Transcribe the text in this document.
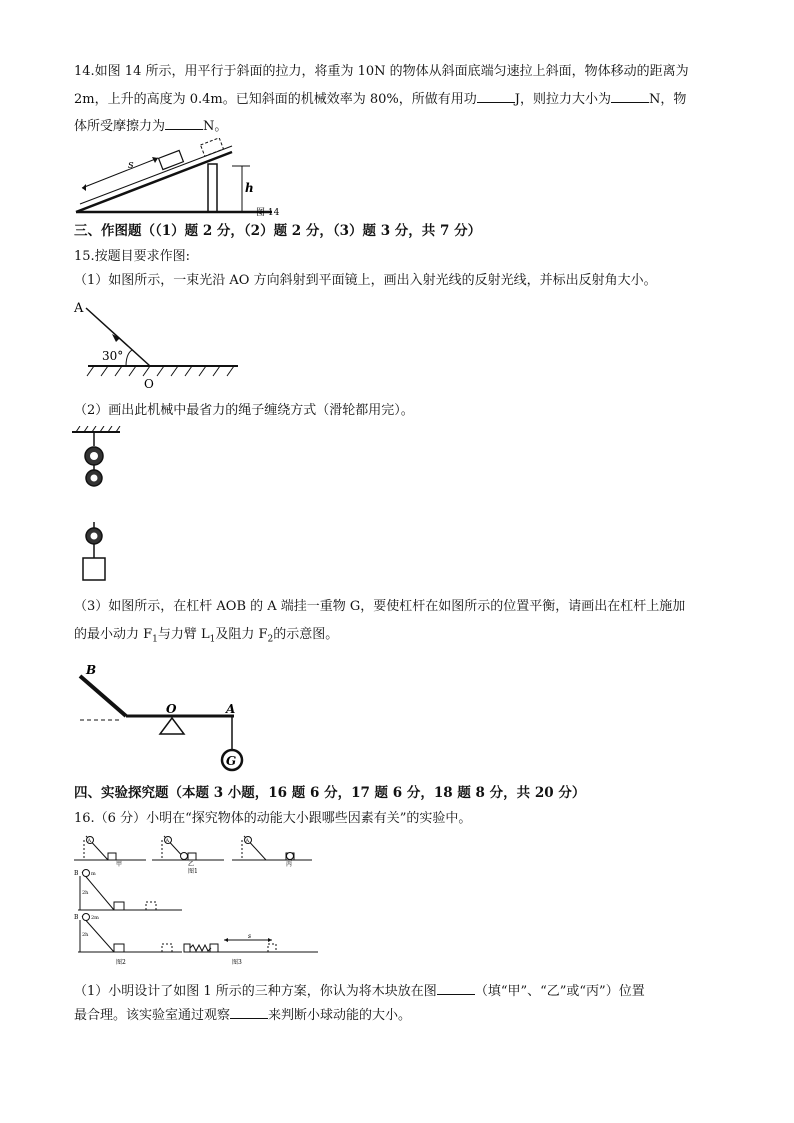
14.如图 14 所示，用平行于斜面的拉力，将重为 10N 的物体从斜面底端匀速拉上斜面，物体移动的距离为
2m，上升的高度为 0.4m。已知斜面的机械效率为 80%，所做有用功	J，则拉力大小为	N，物
体所受摩擦力为	N。
s
h
图 14
三、作图题（（1）题 2 分，（2）题 2 分，（3）题 3 分，共 7 分）
15.按题目要求作图:
（1）如图所示，一束光沿 AO 方向斜射到平面镜上，画出入射光线的反射光线，并标出反射角大小。
A
30°
O
（2）画出此机械中最省力的绳子缠绕方式（滑轮都用完）。
（3）如图所示，在杠杆 AOB 的 A 端挂一重物 G，要使杠杆在如图所示的位置平衡，请画出在杠杆上施加
的最小动力 $F_1$与力臂 $L_1$及阻力 $F_2$的示意图。
B
O	A
G
四、实验探究题（本题 3 小题，16 题 6 分，17 题 6 分，18 题 8 分，共 20 分）
16.（6 分）小明在“探究物体的动能大小跟哪些因素有关”的实验中。
A	A	A
甲	乙
图1
丙
B	m
2h
B	2m
2h
图2
s
图3
（1）小明设计了如图 1 所示的三种方案，你认为将木块放在图	（填“甲”、“乙”或“丙”）位置
最合理。该实验室通过观察	来判断小球动能的大小。
